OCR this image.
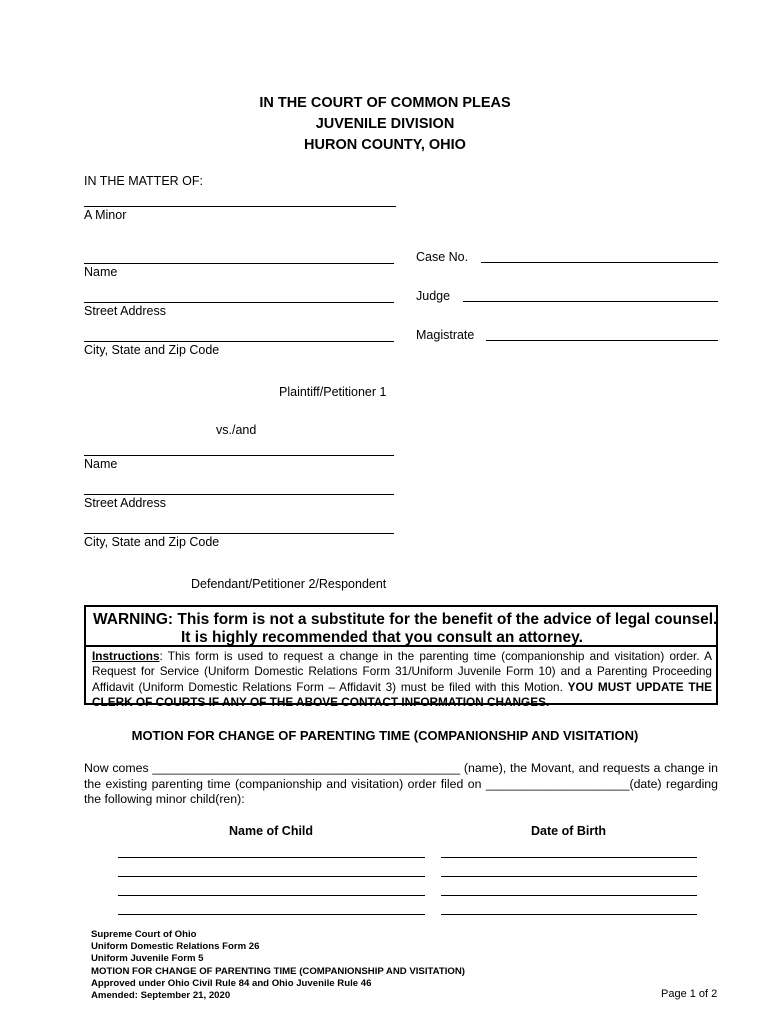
IN THE COURT OF COMMON PLEAS
JUVENILE DIVISION
HURON COUNTY, OHIO
IN THE MATTER OF:
A Minor
Name
Street Address
City, State and Zip Code
Plaintiff/Petitioner 1
vs./and
Name
Street Address
City, State and Zip Code
Defendant/Petitioner 2/Respondent
Case No.
Judge
Magistrate
WARNING: This form is not a substitute for the benefit of the advice of legal counsel.
It is highly recommended that you consult an attorney.
Instructions: This form is used to request a change in the parenting time (companionship and visitation) order. A Request for Service (Uniform Domestic Relations Form 31/Uniform Juvenile Form 10) and a Parenting Proceeding Affidavit (Uniform Domestic Relations Form – Affidavit 3) must be filed with this Motion. YOU MUST UPDATE THE CLERK OF COURTS IF ANY OF THE ABOVE CONTACT INFORMATION CHANGES.
MOTION FOR CHANGE OF PARENTING TIME (COMPANIONSHIP AND VISITATION)
Now comes _____________________________________________ (name), the Movant, and requests a change in the existing parenting time (companionship and visitation) order filed on _____________________(date) regarding the following minor child(ren):
Name of Child	Date of Birth
Supreme Court of Ohio
Uniform Domestic Relations Form 26
Uniform Juvenile Form 5
MOTION FOR CHANGE OF PARENTING TIME (COMPANIONSHIP AND VISITATION)
Approved under Ohio Civil Rule 84 and Ohio Juvenile Rule 46
Amended: September 21, 2020	Page 1 of 2
